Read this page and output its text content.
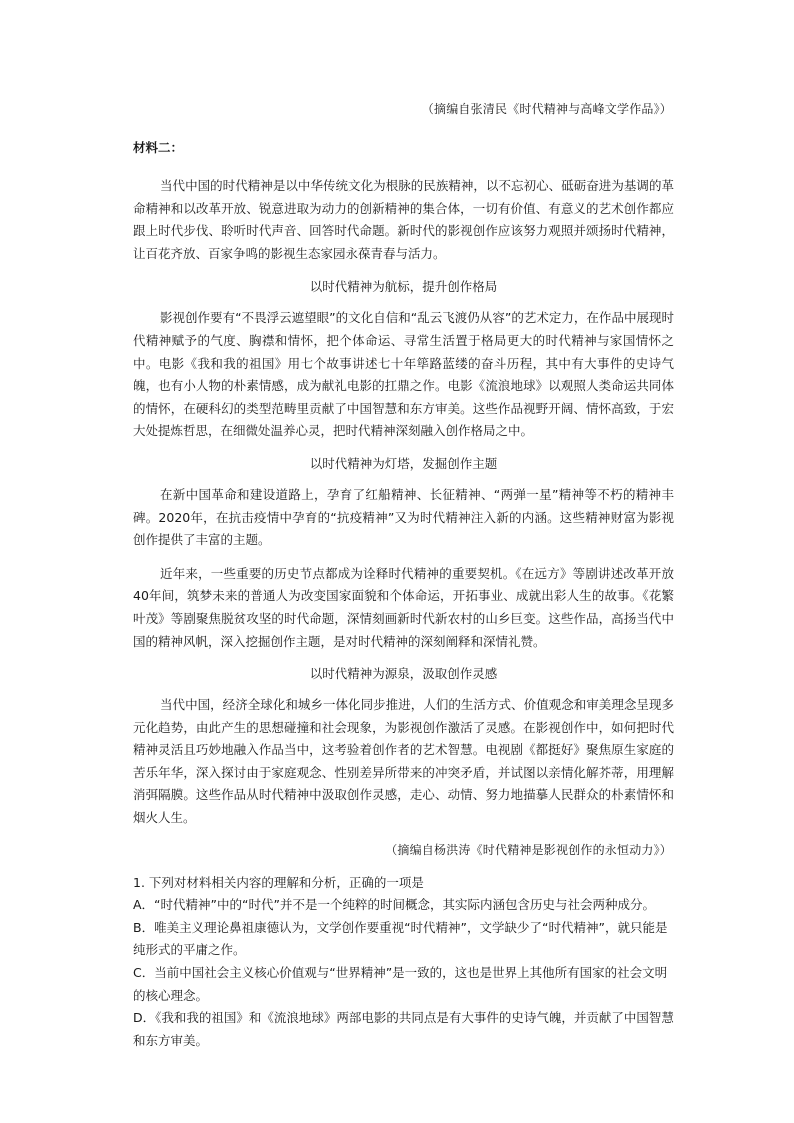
（摘编自张清民《时代精神与高峰文学作品》）

材料二：

当代中国的时代精神是以中华传统文化为根脉的民族精神，以不忘初心、砥砺奋进为基调的革命精神和以改革开放、锐意进取为动力的创新精神的集合体，一切有价值、有意义的艺术创作都应跟上时代步伐、聆听时代声音、回答时代命题。新时代的影视创作应该努力观照并颂扬时代精神，让百花齐放、百家争鸣的影视生态家园永葆青春与活力。

以时代精神为航标，提升创作格局

影视创作要有“不畏浮云遮望眼”的文化自信和“乱云飞渡仍从容”的艺术定力，在作品中展现时代精神赋予的气度、胸襟和情怀，把个体命运、寻常生活置于格局更大的时代精神与家国情怀之中。电影《我和我的祖国》用七个故事讲述七十年筚路蓝缕的奋斗历程，其中有大事件的史诗气魄，也有小人物的朴素情感，成为献礼电影的扛鼎之作。电影《流浪地球》以观照人类命运共同体的情怀，在硬科幻的类型范畴里贡献了中国智慧和东方审美。这些作品视野开阔、情怀高致，于宏大处提炼哲思，在细微处温养心灵，把时代精神深刻融入创作格局之中。

以时代精神为灯塔，发掘创作主题

在新中国革命和建设道路上，孕育了红船精神、长征精神、“两弹一星”精神等不朽的精神丰碑。2020年，在抗击疫情中孕育的“抗疫精神”又为时代精神注入新的内涵。这些精神财富为影视创作提供了丰富的主题。

近年来，一些重要的历史节点都成为诠释时代精神的重要契机。《在远方》等剧讲述改革开放40年间，筑梦未来的普通人为改变国家面貌和个体命运，开拓事业、成就出彩人生的故事。《花繁叶茂》等剧聚焦脱贫攻坚的时代命题，深情刻画新时代新农村的山乡巨变。这些作品，高扬当代中国的精神风帆，深入挖掘创作主题，是对时代精神的深刻阐释和深情礼赞。

以时代精神为源泉，汲取创作灵感

当代中国，经济全球化和城乡一体化同步推进，人们的生活方式、价值观念和审美理念呈现多元化趋势，由此产生的思想碰撞和社会现象，为影视创作激活了灵感。在影视创作中，如何把时代精神灵活且巧妙地融入作品当中，这考验着创作者的艺术智慧。电视剧《都挺好》聚焦原生家庭的苦乐年华，深入探讨由于家庭观念、性别差异所带来的冲突矛盾，并试图以亲情化解芥蒂，用理解消弭隔膜。这些作品从时代精神中汲取创作灵感，走心、动情、努力地描摹人民群众的朴素情怀和烟火人生。

（摘编自杨洪涛《时代精神是影视创作的永恒动力》）

1. 下列对材料相关内容的理解和分析，正确的一项是

A．“时代精神”中的“时代”并不是一个纯粹的时间概念，其实际内涵包含历史与社会两种成分。

B．唯美主义理论鼻祖康德认为，文学创作要重视“时代精神”，文学缺少了“时代精神”，就只能是纯形式的平庸之作。

C．当前中国社会主义核心价值观与“世界精神”是一致的，这也是世界上其他所有国家的社会文明的核心理念。

D．《我和我的祖国》和《流浪地球》两部电影的共同点是有大事件的史诗气魄，并贡献了中国智慧和东方审美。
